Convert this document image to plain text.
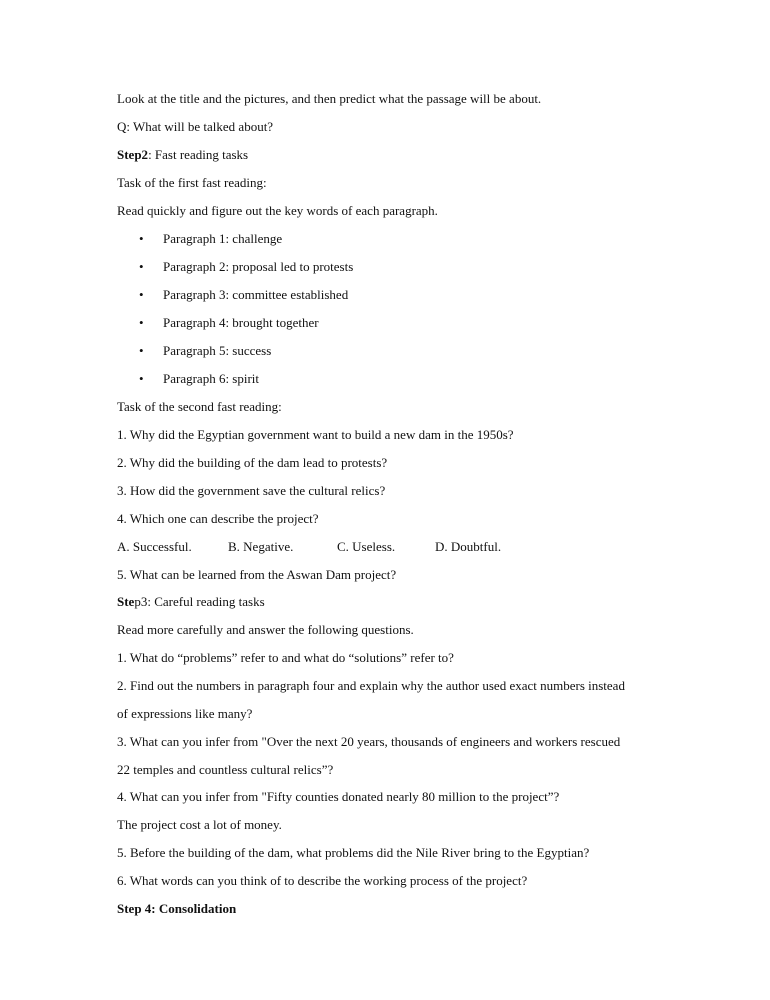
Look at the title and the pictures, and then predict what the passage will be about.
Q: What will be talked about?
Step2: Fast reading tasks
Task of the first fast reading:
Read quickly and figure out the key words of each paragraph.
• Paragraph 1: challenge
• Paragraph 2: proposal led to protests
• Paragraph 3: committee established
• Paragraph 4: brought together
• Paragraph 5: success
• Paragraph 6: spirit
Task of the second fast reading:
1. Why did the Egyptian government want to build a new dam in the 1950s?
2. Why did the building of the dam lead to protests?
3. How did the government save the cultural relics?
4. Which one can describe the project?
A. Successful.	B. Negative.	C. Useless.	D. Doubtful.
5. What can be learned from the Aswan Dam project?
Step3: Careful reading tasks
Read more carefully and answer the following questions.
1. What do “problems” refer to and what do “solutions” refer to?
2. Find out the numbers in paragraph four and explain why the author used exact numbers instead
of expressions like many?
3. What can you infer from "Over the next 20 years, thousands of engineers and workers rescued
22 temples and countless cultural relics”?
4. What can you infer from "Fifty counties donated nearly 80 million to the project”?
The project cost a lot of money.
5. Before the building of the dam, what problems did the Nile River bring to the Egyptian?
6. What words can you think of to describe the working process of the project?
Step 4: Consolidation
